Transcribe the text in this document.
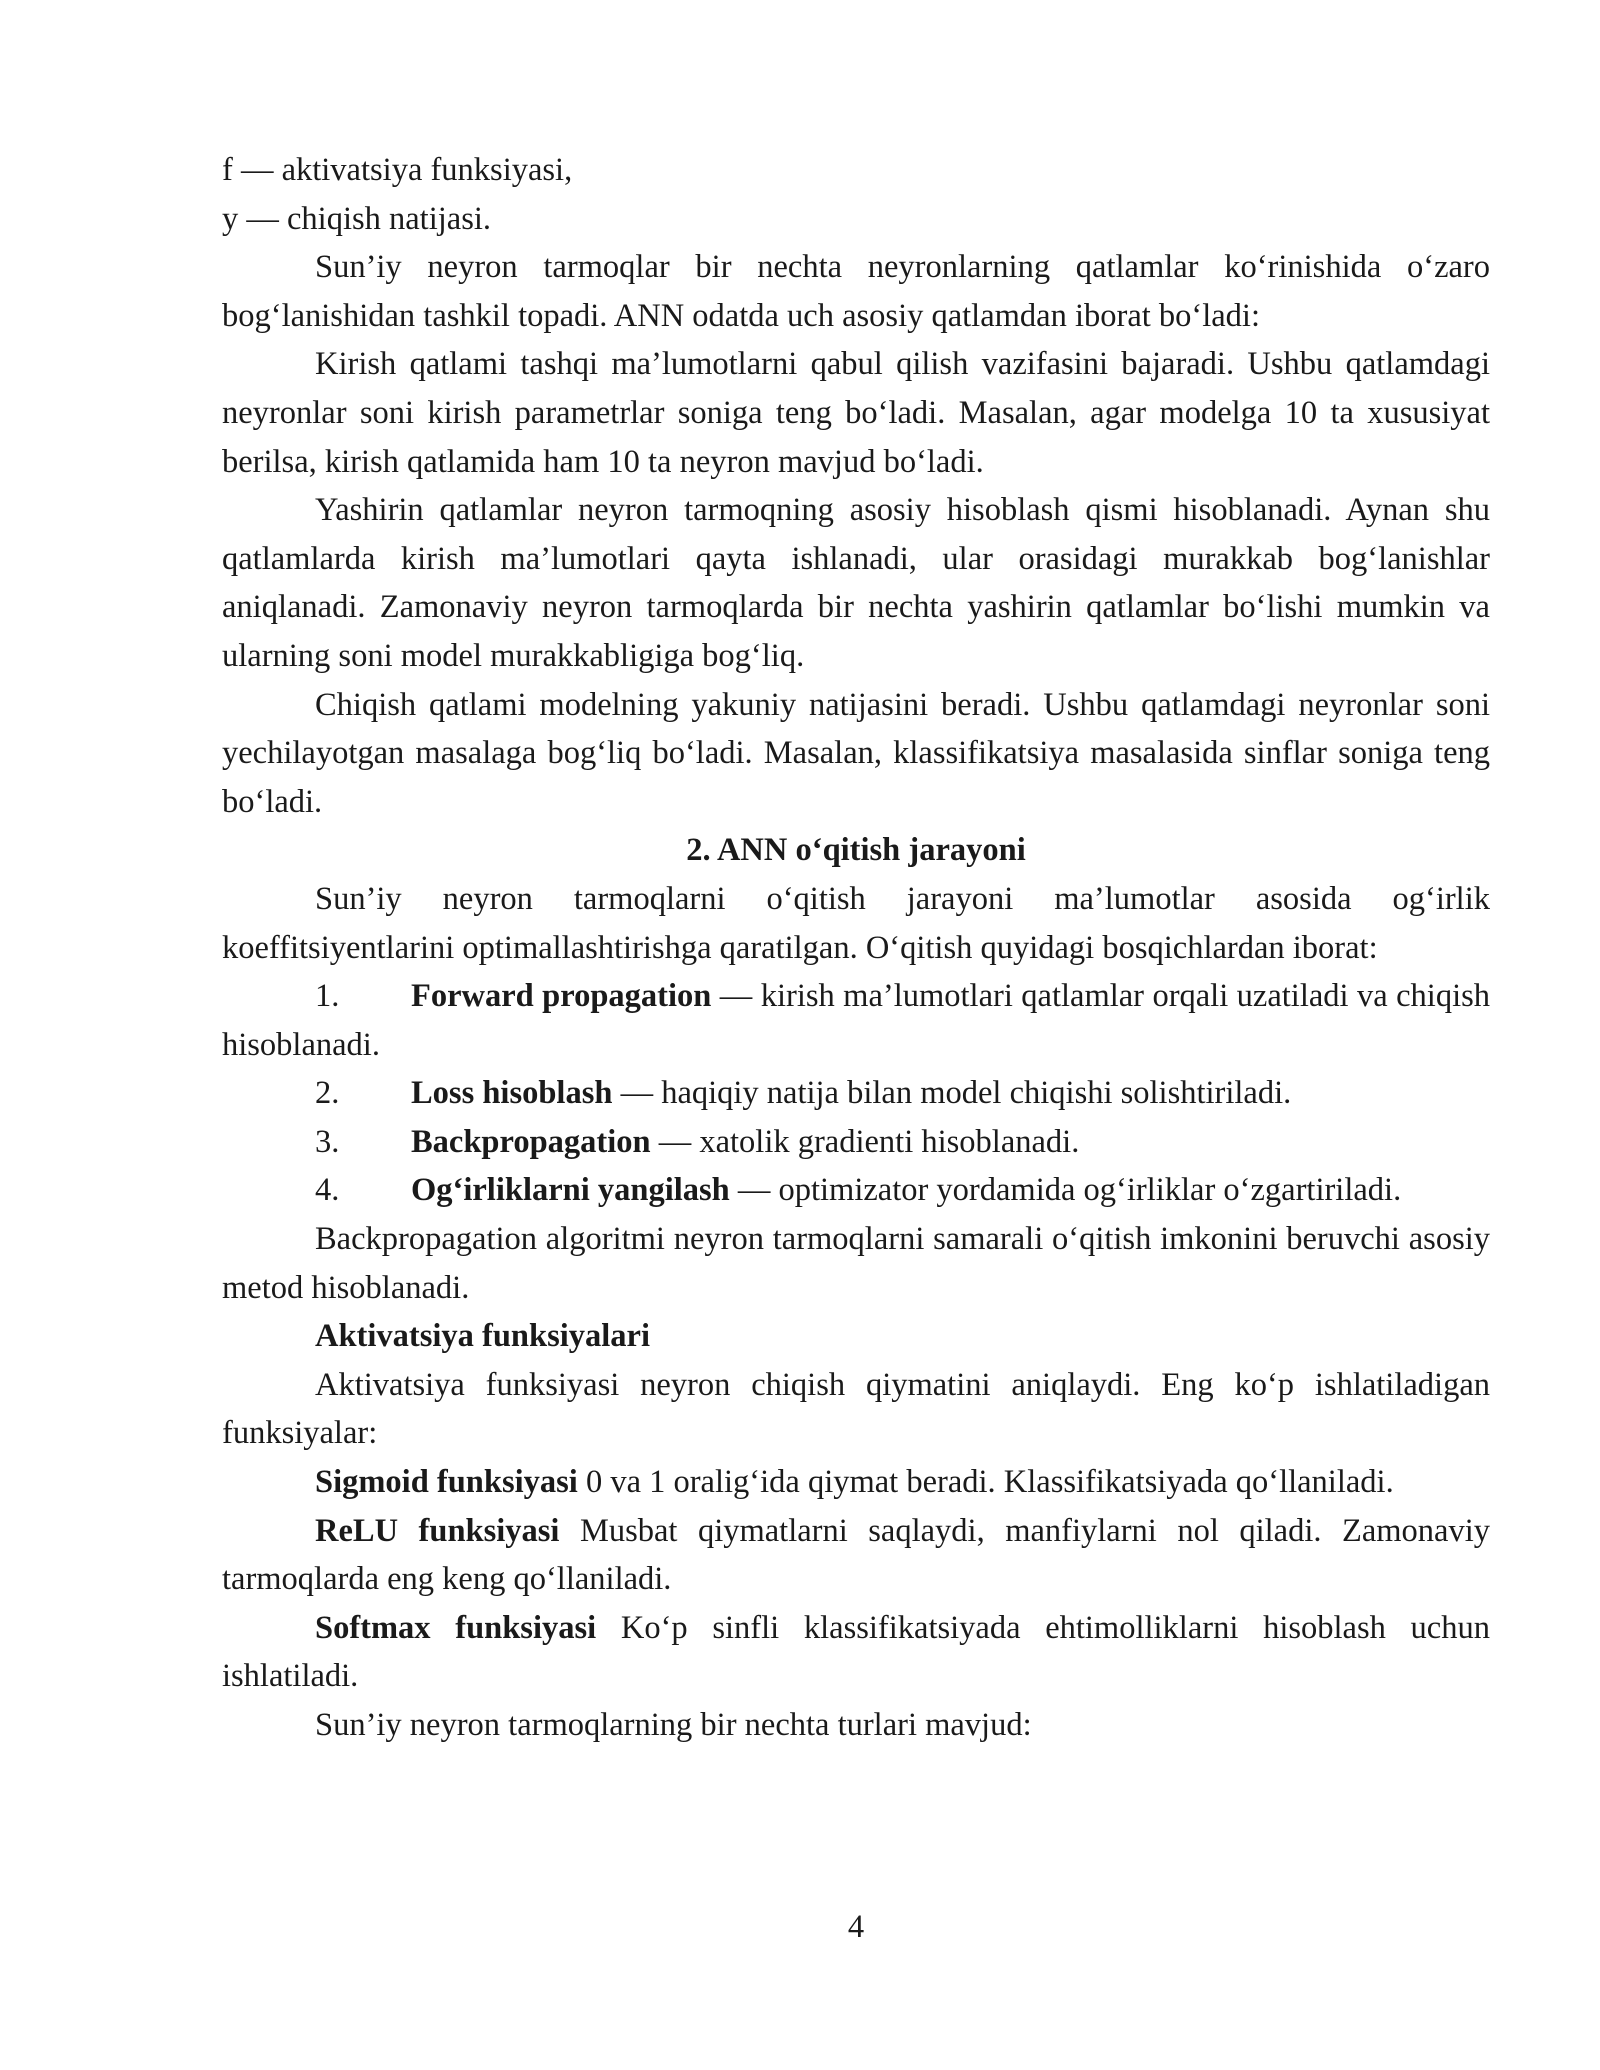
f — aktivatsiya funksiyasi,

y — chiqish natijasi.

Sun’iy neyron tarmoqlar bir nechta neyronlarning qatlamlar ko‘rinishida o‘zaro bog‘lanishidan tashkil topadi. ANN odatda uch asosiy qatlamdan iborat bo‘ladi:

Kirish qatlami tashqi ma’lumotlarni qabul qilish vazifasini bajaradi. Ushbu qatlamdagi neyronlar soni kirish parametrlar soniga teng bo‘ladi. Masalan, agar modelga 10 ta xususiyat berilsa, kirish qatlamida ham 10 ta neyron mavjud bo‘ladi.

Yashirin qatlamlar neyron tarmoqning asosiy hisoblash qismi hisoblanadi. Aynan shu qatlamlarda kirish ma’lumotlari qayta ishlanadi, ular orasidagi murakkab bog‘lanishlar aniqlanadi. Zamonaviy neyron tarmoqlarda bir nechta yashirin qatlamlar bo‘lishi mumkin va ularning soni model murakkabligiga bog‘liq.

Chiqish qatlami modelning yakuniy natijasini beradi. Ushbu qatlamdagi neyronlar soni yechilayotgan masalaga bog‘liq bo‘ladi. Masalan, klassifikatsiya masalasida sinflar soniga teng bo‘ladi.

2. ANN o‘qitish jarayoni

Sun’iy neyron tarmoqlarni o‘qitish jarayoni ma’lumotlar asosida og‘irlik koeffitsiyentlarini optimallashtirishga qaratilgan. O‘qitish quyidagi bosqichlardan iborat:

1. Forward propagation — kirish ma’lumotlari qatlamlar orqali uzatiladi va chiqish hisoblanadi.

2. Loss hisoblash — haqiqiy natija bilan model chiqishi solishtiriladi.

3. Backpropagation — xatolik gradienti hisoblanadi.

4. Og‘irliklarni yangilash — optimizator yordamida og‘irliklar o‘zgartiriladi.

Backpropagation algoritmi neyron tarmoqlarni samarali o‘qitish imkonini beruvchi asosiy metod hisoblanadi.

Aktivatsiya funksiyalari

Aktivatsiya funksiyasi neyron chiqish qiymatini aniqlaydi. Eng ko‘p ishlatiladigan funksiyalar:

Sigmoid funksiyasi 0 va 1 oralig‘ida qiymat beradi. Klassifikatsiyada qo‘llaniladi.

ReLU funksiyasi Musbat qiymatlarni saqlaydi, manfiylarni nol qiladi. Zamonaviy tarmoqlarda eng keng qo‘llaniladi.

Softmax funksiyasi Ko‘p sinfli klassifikatsiyada ehtimolliklarni hisoblash uchun ishlatiladi.

Sun’iy neyron tarmoqlarning bir nechta turlari mavjud:

4
